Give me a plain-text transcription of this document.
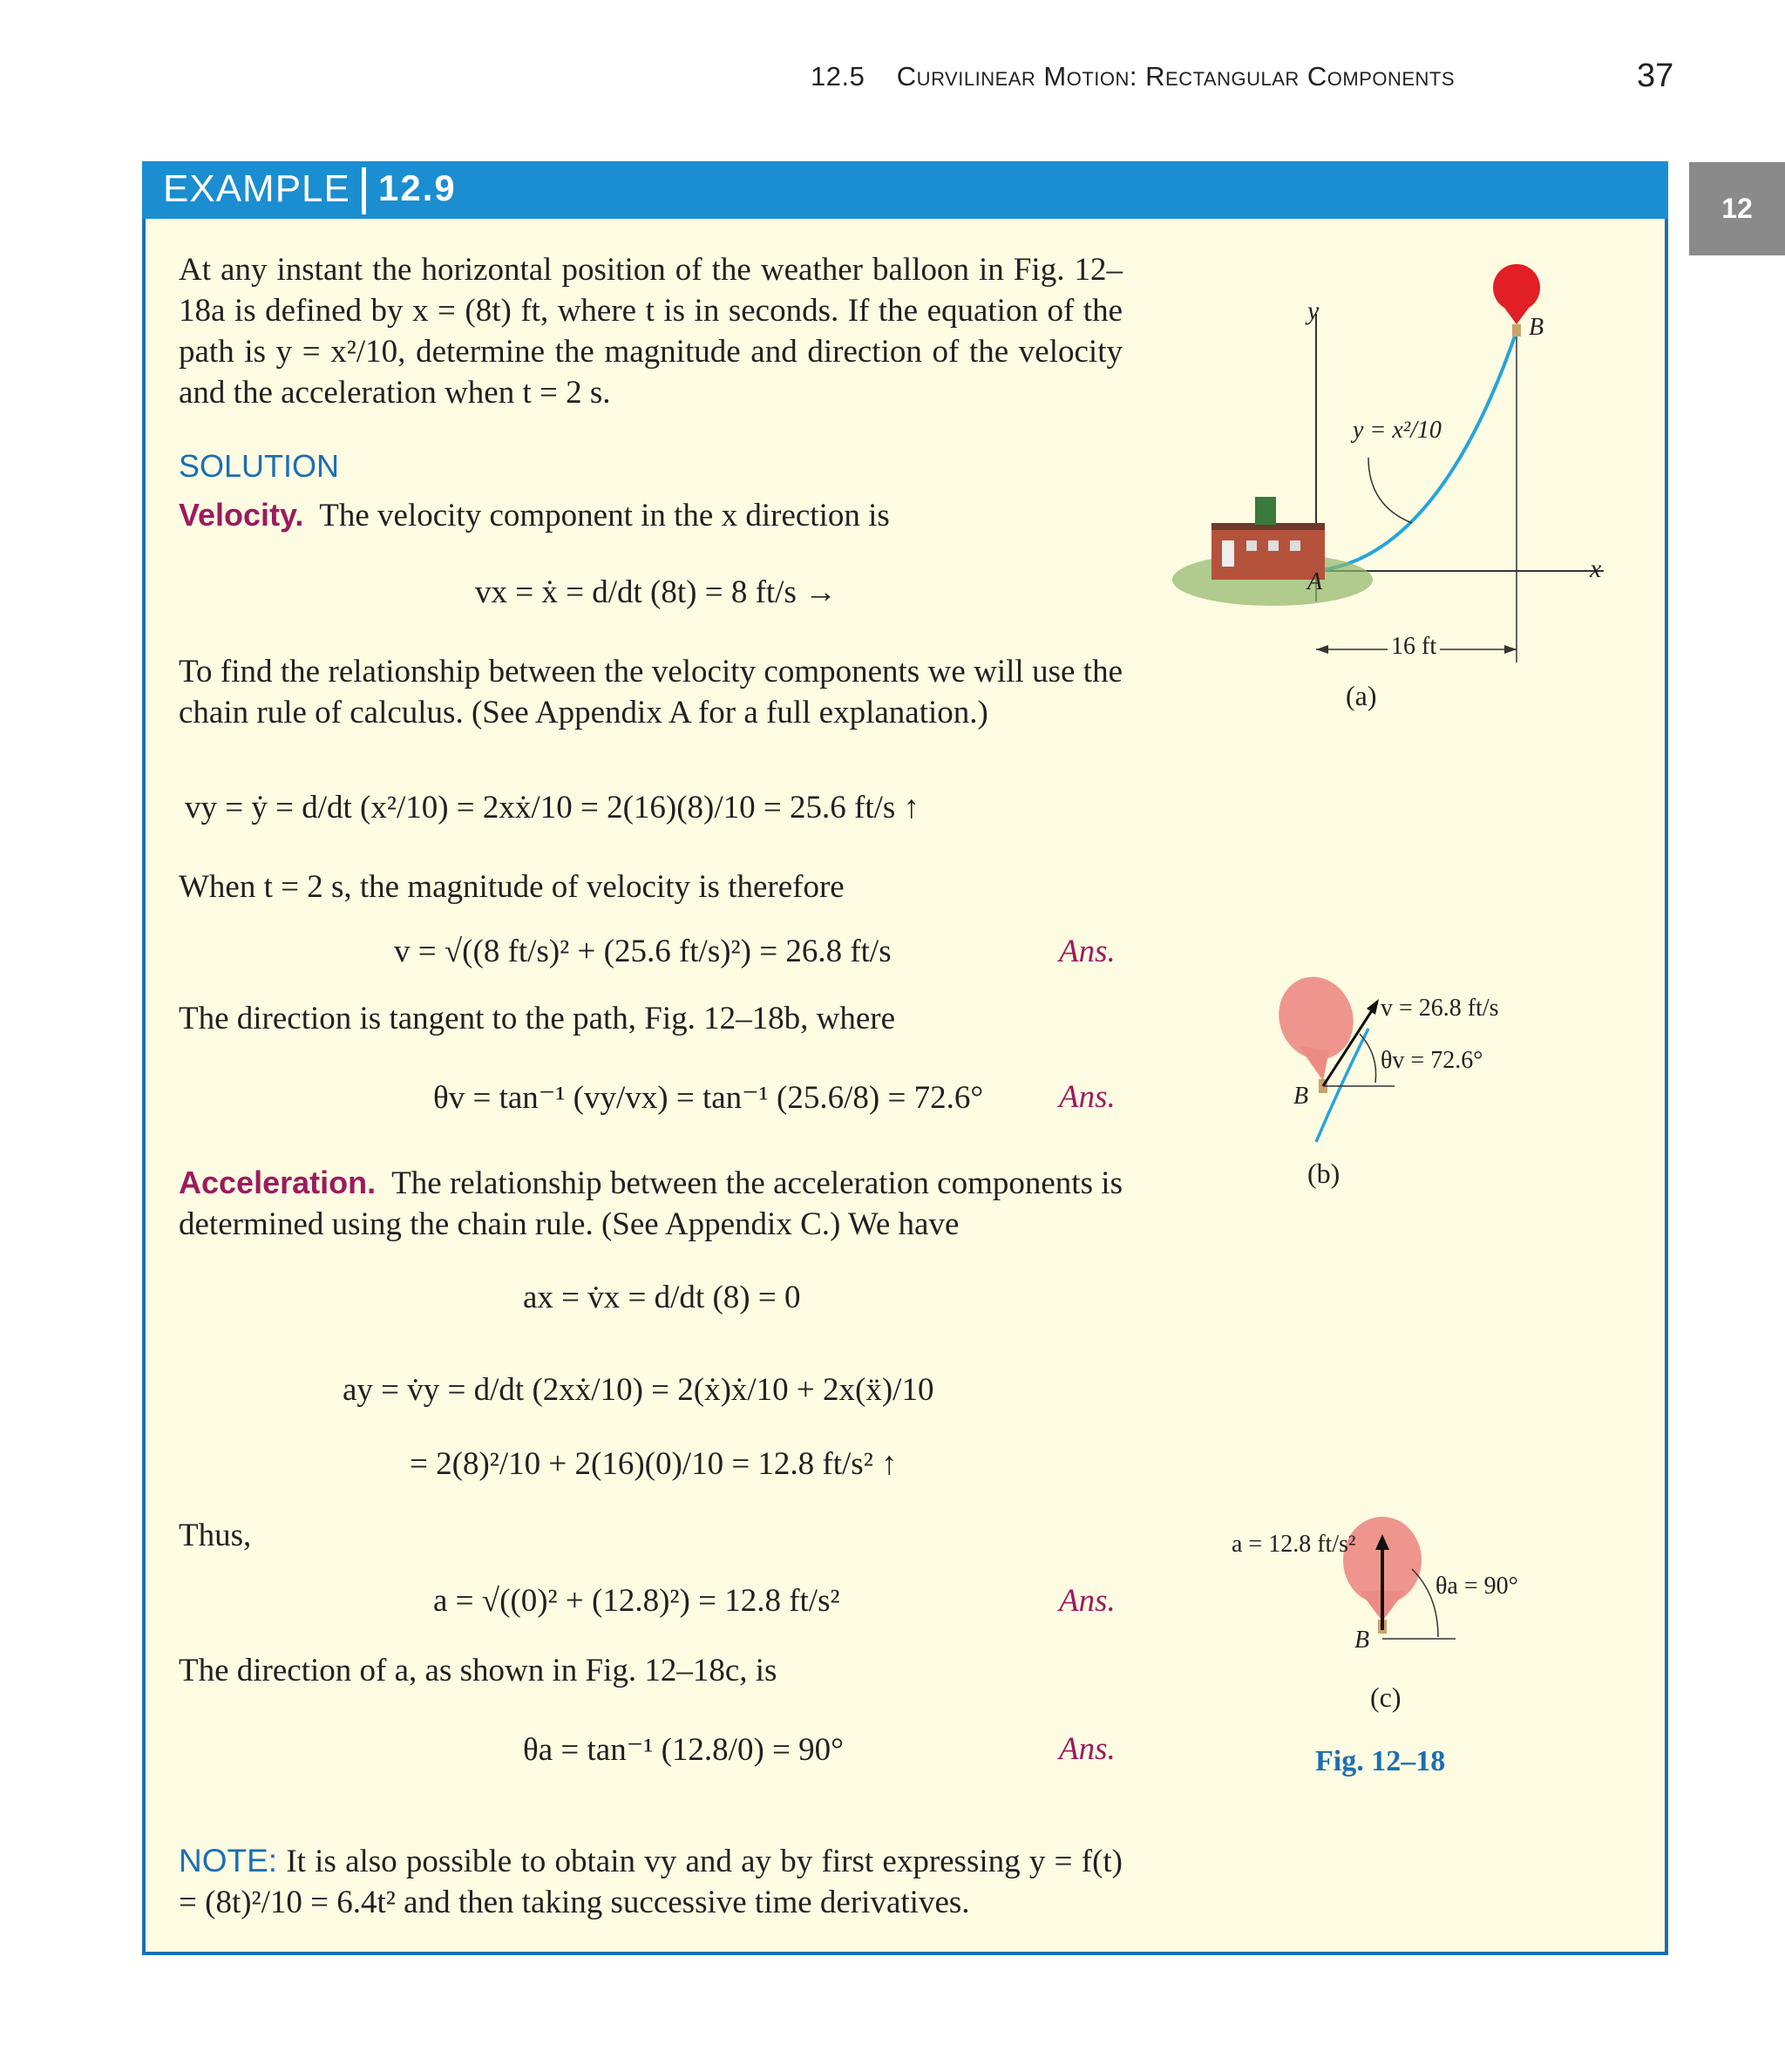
12.5 Curvilinear Motion: Rectangular Components	37
12
EXAMPLE 12.9
At any instant the horizontal position of the weather balloon in Fig. 12–18a is defined by x = (8t) ft, where t is in seconds. If the equation of the path is y = x²/10, determine the magnitude and direction of the velocity and the acceleration when t = 2 s.
SOLUTION
Velocity. The velocity component in the x direction is
vx = ẋ = d/dt (8t) = 8 ft/s →
To find the relationship between the velocity components we will use the chain rule of calculus. (See Appendix A for a full explanation.)
vy = ẏ = d/dt (x²/10) = 2xẋ/10 = 2(16)(8)/10 = 25.6 ft/s ↑
When t = 2 s, the magnitude of velocity is therefore
v = √((8 ft/s)² + (25.6 ft/s)²) = 26.8 ft/s	Ans.
The direction is tangent to the path, Fig. 12–18b, where
θv = tan⁻¹ (vy/vx) = tan⁻¹ (25.6/8) = 72.6° Ans.
Acceleration. The relationship between the acceleration components is determined using the chain rule. (See Appendix C.) We have
ax = v̇x = d/dt (8) = 0
ay = v̇y = d/dt (2xẋ/10) = 2(ẋ)ẋ/10 + 2x(ẍ)/10
= 2(8)²/10 + 2(16)(0)/10 = 12.8 ft/s² ↑
Thus,
a = √((0)² + (12.8)²) = 12.8 ft/s²	Ans.
The direction of a, as shown in Fig. 12–18c, is
θa = tan⁻¹ (12.8/0) = 90°	Ans.
NOTE: It is also possible to obtain vy and ay by first expressing y = f(t) = (8t)²/10 = 6.4t² and then taking successive time derivatives.
y
x
B
A
y = x²/10
16 ft
(a)
v = 26.8 ft/s
θv = 72.6°
B
(b)
a = 12.8 ft/s²
θa = 90°
B
(c)
Fig. 12–18
